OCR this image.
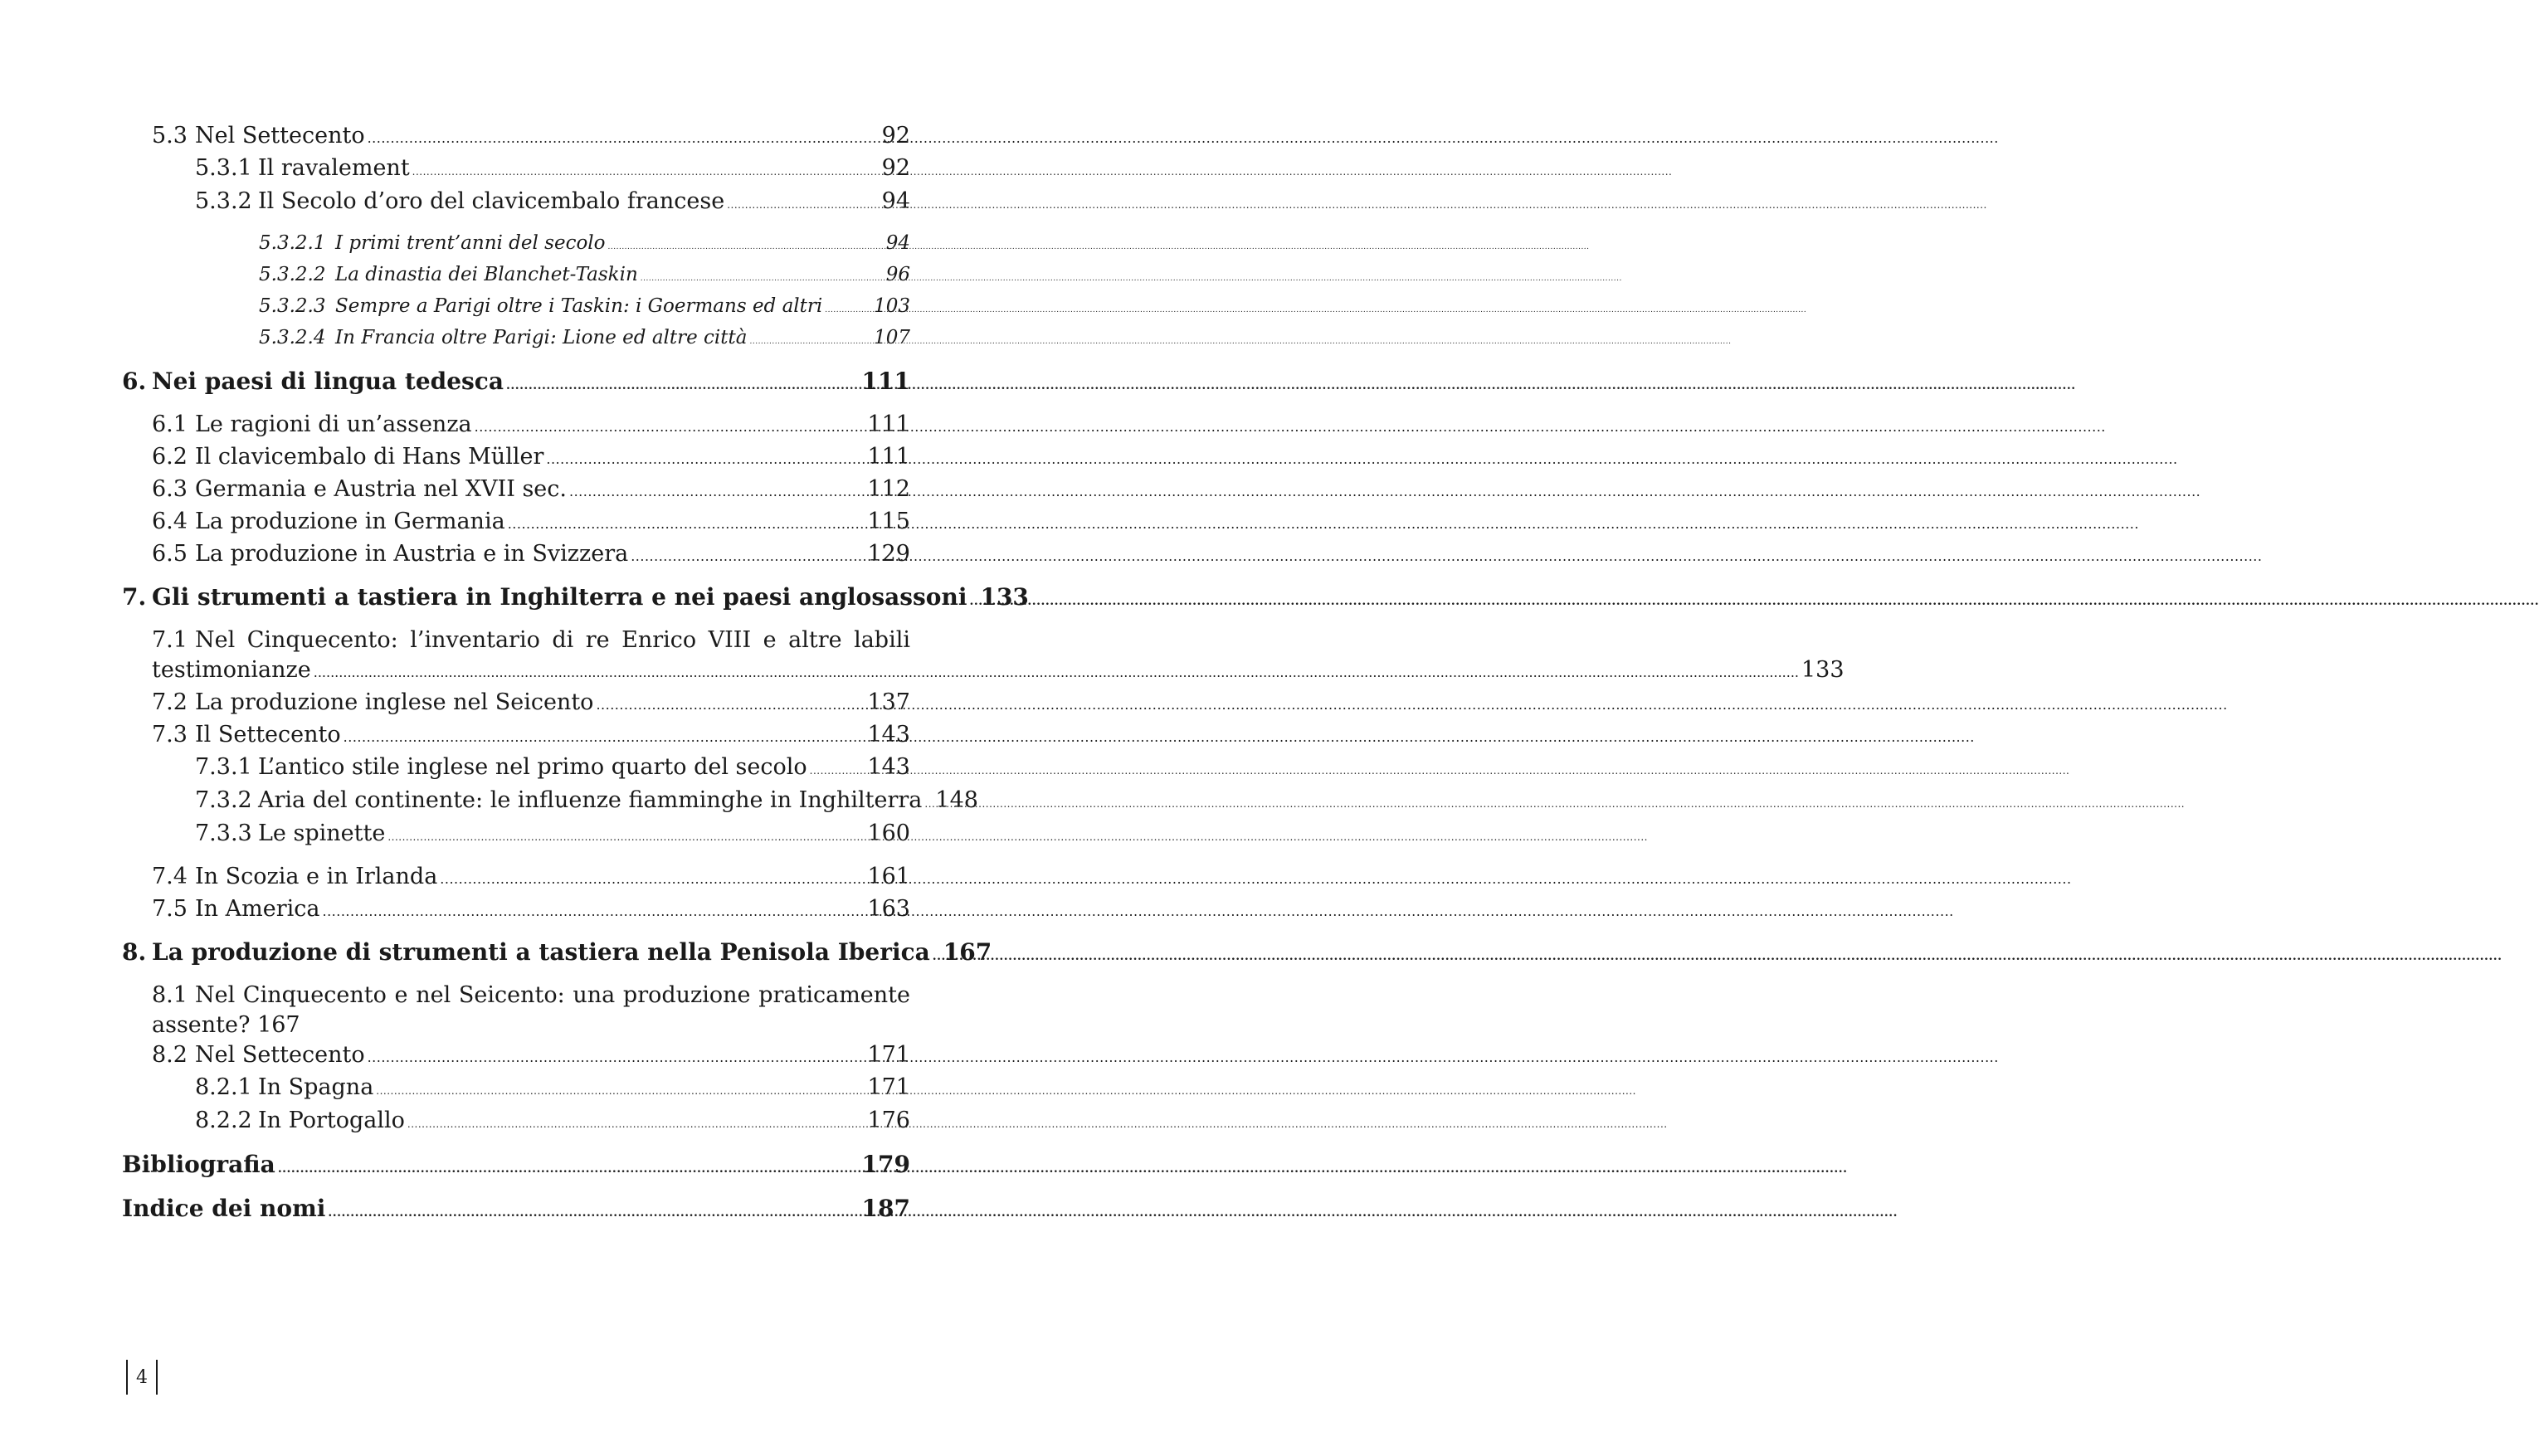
5.3 Nel Settecento .....	92
5.3.1 Il ravalement .....	92
5.3.2 Il Secolo d’oro del clavicembalo francese .....	94
5.3.2.1 I primi trent’anni del secolo .....	94
5.3.2.2 La dinastia dei Blanchet-Taskin .....	96
5.3.2.3 Sempre a Parigi oltre i Taskin: i Goermans ed altri .....	103
5.3.2.4 In Francia oltre Parigi: Lione ed altre città .....	107
6. Nei paesi di lingua tedesca .....	111
6.1 Le ragioni di un’assenza .....	111
6.2 Il clavicembalo di Hans Müller .....	111
6.3 Germania e Austria nel XVII sec. .....	112
6.4 La produzione in Germania .....	115
6.5 La produzione in Austria e in Svizzera .....	129
7. Gli strumenti a tastiera in Inghilterra e nei paesi anglosassoni ..... 133
7.1 Nel Cinquecento: l’inventario di re Enrico VIII e altre labili
testimonianze .....	133
7.2 La produzione inglese nel Seicento .....	137
7.3 Il Settecento .....	143
7.3.1 L’antico stile inglese nel primo quarto del secolo .....	143
7.3.2 Aria del continente: le influenze fiamminghe in Inghilterra ..... 148
7.3.3 Le spinette .....	160
7.4 In Scozia e in Irlanda .....	161
7.5 In America .....	163
8. La produzione di strumenti a tastiera nella Penisola Iberica ..... 167
8.1 Nel Cinquecento e nel Seicento: una produzione praticamente
assente? 167
8.2 Nel Settecento .....	171
8.2.1 In Spagna .....	171
8.2.2 In Portogallo .....	176
Bibliografia .....	179
Indice dei nomi .....	187
4
